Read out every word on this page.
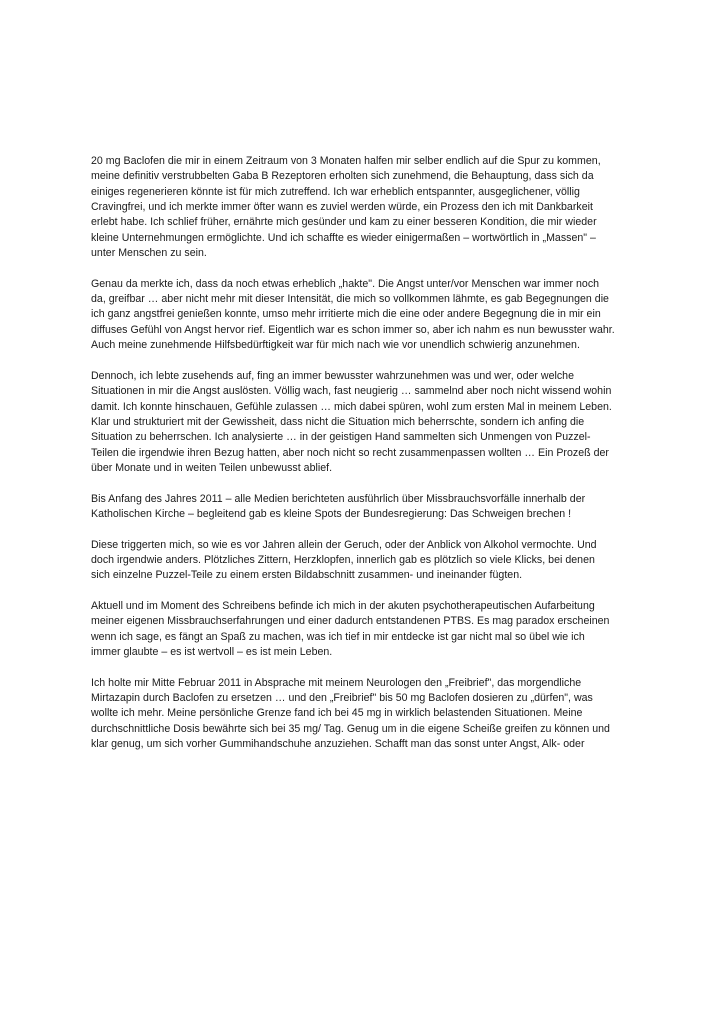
20 mg Baclofen die mir in einem Zeitraum von 3 Monaten halfen mir selber endlich auf die Spur zu kommen,
meine definitiv verstrubbelten Gaba B Rezeptoren erholten sich zunehmend, die Behauptung, dass sich da
einiges regenerieren könnte ist für mich zutreffend. Ich war erheblich entspannter, ausgeglichener, völlig
Cravingfrei, und ich merkte immer öfter wann es zuviel werden würde, ein Prozess den ich mit Dankbarkeit
erlebt habe. Ich schlief früher, ernährte mich gesünder und kam zu einer besseren Kondition, die mir wieder
kleine Unternehmungen ermöglichte. Und ich schaffte es wieder einigermaßen – wortwörtlich in „Massen" –
unter Menschen zu sein.

Genau da merkte ich, dass da noch etwas erheblich „hakte". Die Angst unter/vor Menschen war immer noch
da, greifbar … aber nicht mehr mit dieser Intensität, die mich so vollkommen lähmte, es gab Begegnungen die
ich ganz angstfrei genießen konnte, umso mehr irritierte mich die eine oder andere Begegnung die in mir ein
diffuses Gefühl von Angst hervor rief. Eigentlich war es schon immer so, aber ich nahm es nun bewusster wahr.
Auch meine zunehmende Hilfsbedürftigkeit war für mich nach wie vor unendlich schwierig anzunehmen.

Dennoch, ich lebte zusehends auf, fing an immer bewusster wahrzunehmen was und wer, oder welche
Situationen in mir die Angst auslösten. Völlig wach, fast neugierig … sammelnd aber noch nicht wissend wohin
damit. Ich konnte hinschauen, Gefühle zulassen … mich dabei spüren, wohl zum ersten Mal in meinem Leben.
Klar und strukturiert mit der Gewissheit, dass nicht die Situation mich beherrschte, sondern ich anfing die
Situation zu beherrschen. Ich analysierte … in der geistigen Hand sammelten sich Unmengen von Puzzel-
Teilen die irgendwie ihren Bezug hatten, aber noch nicht so recht zusammenpassen wollten … Ein Prozeß der
über Monate und in weiten Teilen unbewusst ablief.

Bis Anfang des Jahres 2011 – alle Medien berichteten ausführlich über Missbrauchsvorfälle innerhalb der
Katholischen Kirche – begleitend gab es kleine Spots der Bundesregierung: Das Schweigen brechen !

Diese triggerten mich, so wie es vor Jahren allein der Geruch, oder der Anblick von Alkohol vermochte. Und
doch irgendwie anders. Plötzliches Zittern, Herzklopfen, innerlich gab es plötzlich so viele Klicks, bei denen
sich einzelne Puzzel-Teile zu einem ersten Bildabschnitt zusammen- und ineinander fügten.

Aktuell und im Moment des Schreibens befinde ich mich in der akuten psychotherapeutischen Aufarbeitung
meiner eigenen Missbrauchserfahrungen und einer dadurch entstandenen PTBS. Es mag paradox erscheinen
wenn ich sage, es fängt an Spaß zu machen, was ich tief in mir entdecke ist gar nicht mal so übel wie ich
immer glaubte – es ist wertvoll – es ist mein Leben.

Ich holte mir Mitte Februar 2011 in Absprache mit meinem Neurologen den „Freibrief", das morgendliche
Mirtazapin durch Baclofen zu ersetzen … und den „Freibrief" bis 50 mg Baclofen dosieren zu „dürfen", was
wollte ich mehr. Meine persönliche Grenze fand ich bei 45 mg in wirklich belastenden Situationen. Meine
durchschnittliche Dosis bewährte sich bei 35 mg/ Tag. Genug um in die eigene Scheiße greifen zu können und
klar genug, um sich vorher Gummihandschuhe anzuziehen. Schafft man das sonst unter Angst, Alk- oder
